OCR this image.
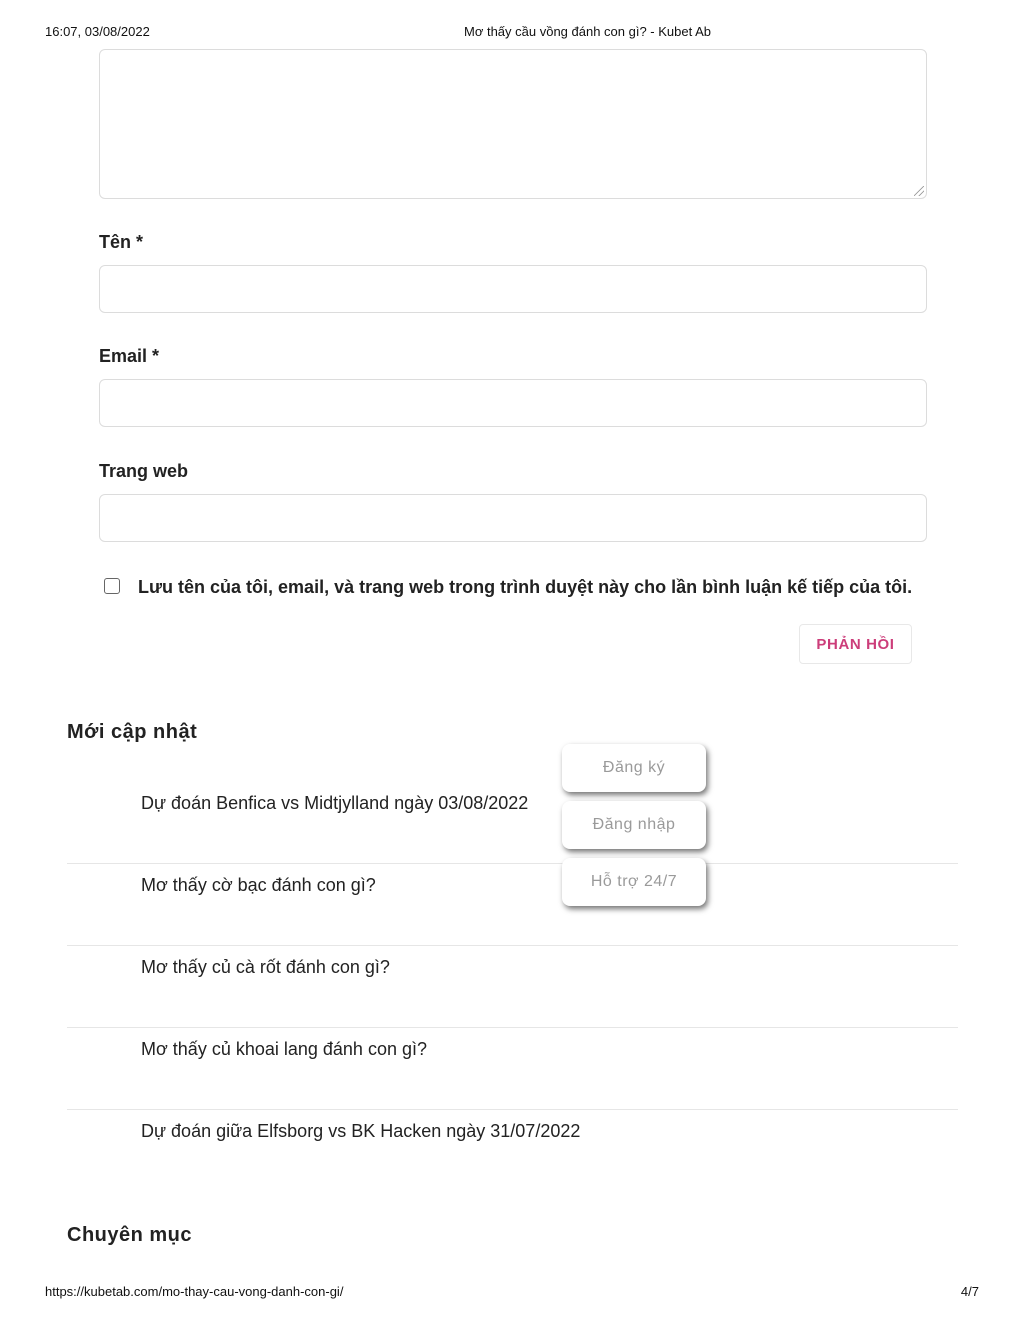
16:07, 03/08/2022	Mơ thấy cầu vồng đánh con gì? - Kubet Ab
Tên *
Email *
Trang web
Lưu tên của tôi, email, và trang web trong trình duyệt này cho lần bình luận kế tiếp của tôi.
PHẢN HỒI
Mới cập nhật
Dự đoán Benfica vs Midtjylland ngày 03/08/2022
Mơ thấy cờ bạc đánh con gì?
Mơ thấy củ cà rốt đánh con gì?
Mơ thấy củ khoai lang đánh con gì?
Dự đoán giữa Elfsborg vs BK Hacken ngày 31/07/2022
Đăng ký
Đăng nhập
Hỗ trợ 24/7
Chuyên mục
https://kubetab.com/mo-thay-cau-vong-danh-con-gi/	4/7
